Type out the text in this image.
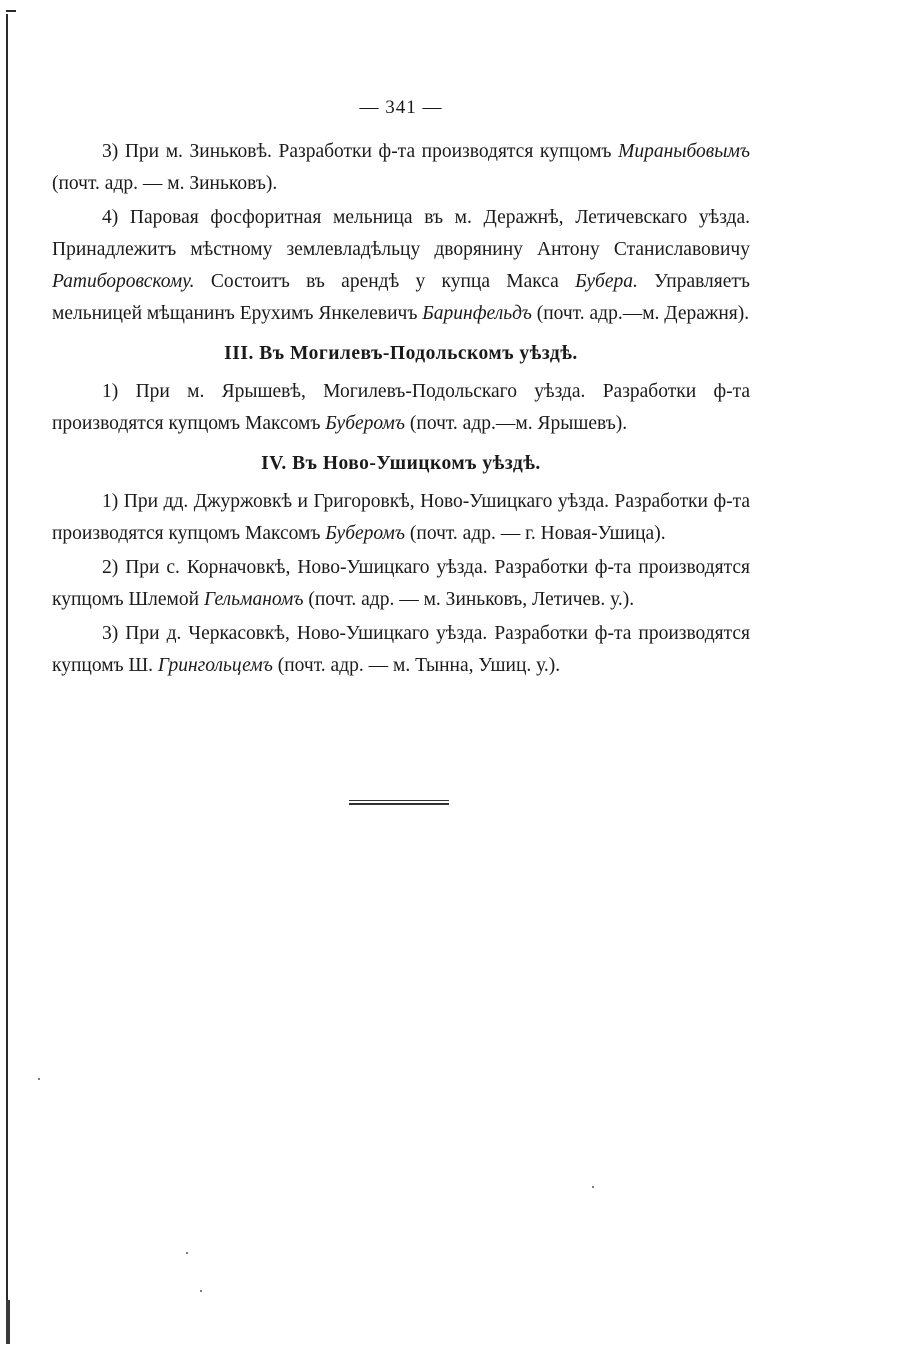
— 341 —

3) При м. Зиньковѣ. Разработки ф-та производятся купцомъ Мираныбовымъ (почт. адр. — м. Зиньковъ).

4) Паровая фосфоритная мельница въ м. Деражнѣ, Летичевскаго уѣзда. Принадлежитъ мѣстному землевладѣльцу дворянину Антону Станиславовичу Ратиборовскому. Состоитъ въ арендѣ у купца Макса Бубера. Управляетъ мельницей мѣщанинъ Ерухимъ Янкелевичъ Баринфельдъ (почт. адр.—м. Деражня).

III. Въ Могилевъ-Подольскомъ уѣздѣ.

1) При м. Ярышевѣ, Могилевъ-Подольскаго уѣзда. Разработки ф-та производятся купцомъ Максомъ Буберомъ (почт. адр.—м. Ярышевъ).

IV. Въ Ново-Ушицкомъ уѣздѣ.

1) При дд. Джуржовкѣ и Григоровкѣ, Ново-Ушицкаго уѣзда. Разработки ф-та производятся купцомъ Максомъ Буберомъ (почт. адр. — г. Новая-Ушица).

2) При с. Корначовкѣ, Ново-Ушицкаго уѣзда. Разработки ф-та производятся купцомъ Шлемой Гельманомъ (почт. адр. — м. Зиньковъ, Летичев. у.).

3) При д. Черкасовкѣ, Ново-Ушицкаго уѣзда. Разработки ф-та производятся купцомъ Ш. Грингольцемъ (почт. адр. — м. Тынна, Ушиц. у.).
